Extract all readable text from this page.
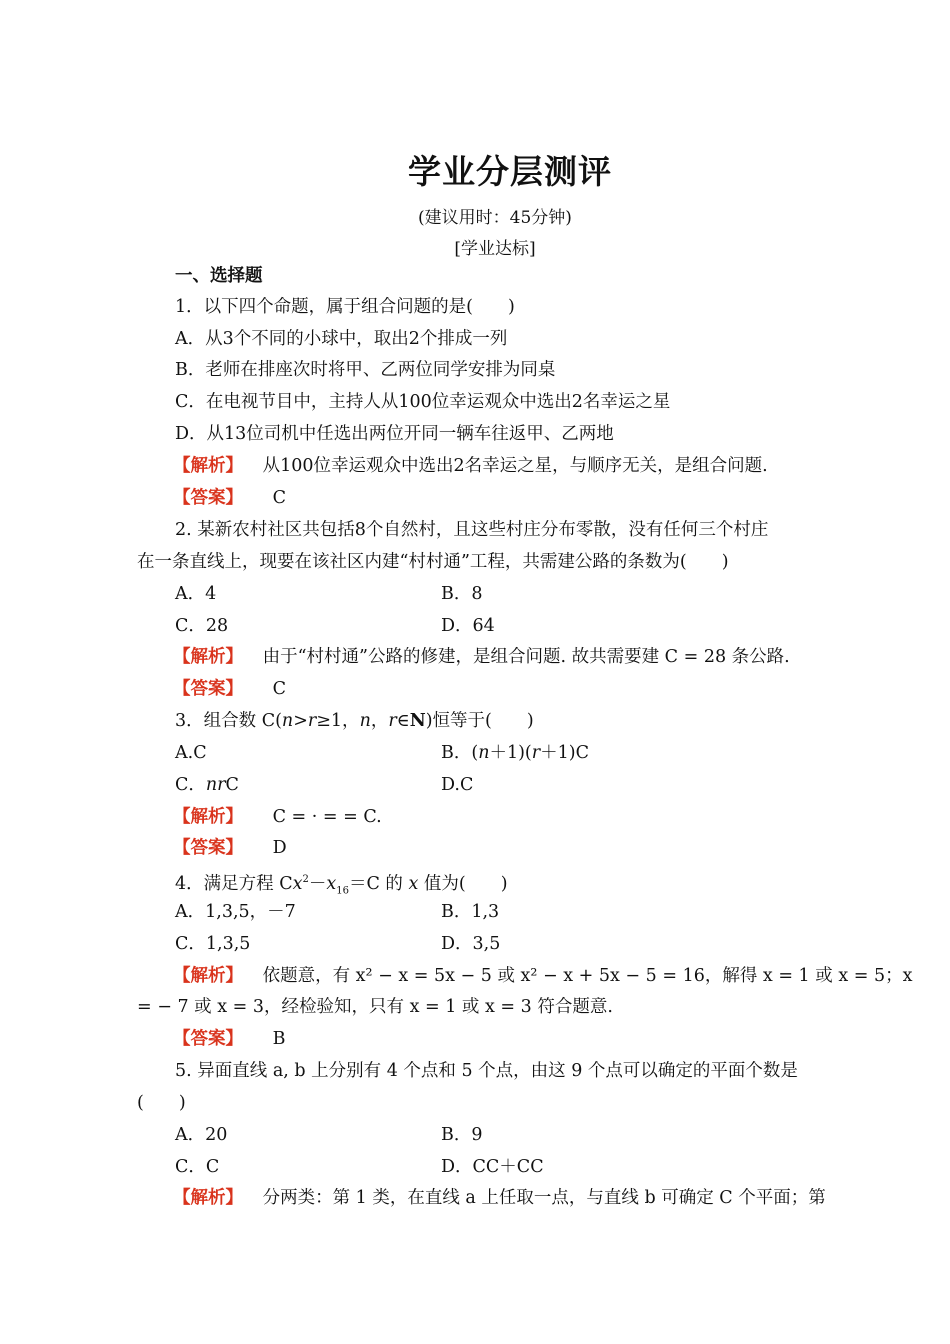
学业分层测评
(建议用时：45分钟)
[学业达标]
一、选择题
1．以下四个命题，属于组合问题的是(　　)
A．从3个不同的小球中，取出2个排成一列
B．老师在排座次时将甲、乙两位同学安排为同桌
C．在电视节目中，主持人从100位幸运观众中选出2名幸运之星
D．从13位司机中任选出两位开同一辆车往返甲、乙两地
【解析】 从100位幸运观众中选出2名幸运之星，与顺序无关，是组合问题.
【答案】 C
2. 某新农村社区共包括8个自然村，且这些村庄分布零散，没有任何三个村庄
在一条直线上，现要在该社区内建“村村通”工程，共需建公路的条数为(　　)
A．4	B．8
C．28	D．64
【解析】 由于“村村通”公路的修建，是组合问题. 故共需要建 C = 28 条公路.
【答案】 C
3．组合数 C(n>r≥1，n，r∈N)恒等于(　　)
A.C	B．(n＋1)(r＋1)C
C．nrC	D.C
【解析】 C = · = = C.
【答案】 D
4．满足方程 $Cx^2-x_{16}=C$ 的 x 值为(　　)
A．1,3,5，－7	B．1,3
C．1,3,5	D．3,5
【解析】 依题意，有 x² − x = 5x − 5 或 x² − x + 5x − 5 = 16，解得 x = 1 或 x = 5；x
= − 7 或 x = 3，经检验知，只有 x = 1 或 x = 3 符合题意.
【答案】 B
5. 异面直线 a, b 上分别有 4 个点和 5 个点，由这 9 个点可以确定的平面个数是
(　　)
A．20	B．9
C．C	D．CC＋CC
【解析】 分两类：第 1 类，在直线 a 上任取一点，与直线 b 可确定 C 个平面；第
